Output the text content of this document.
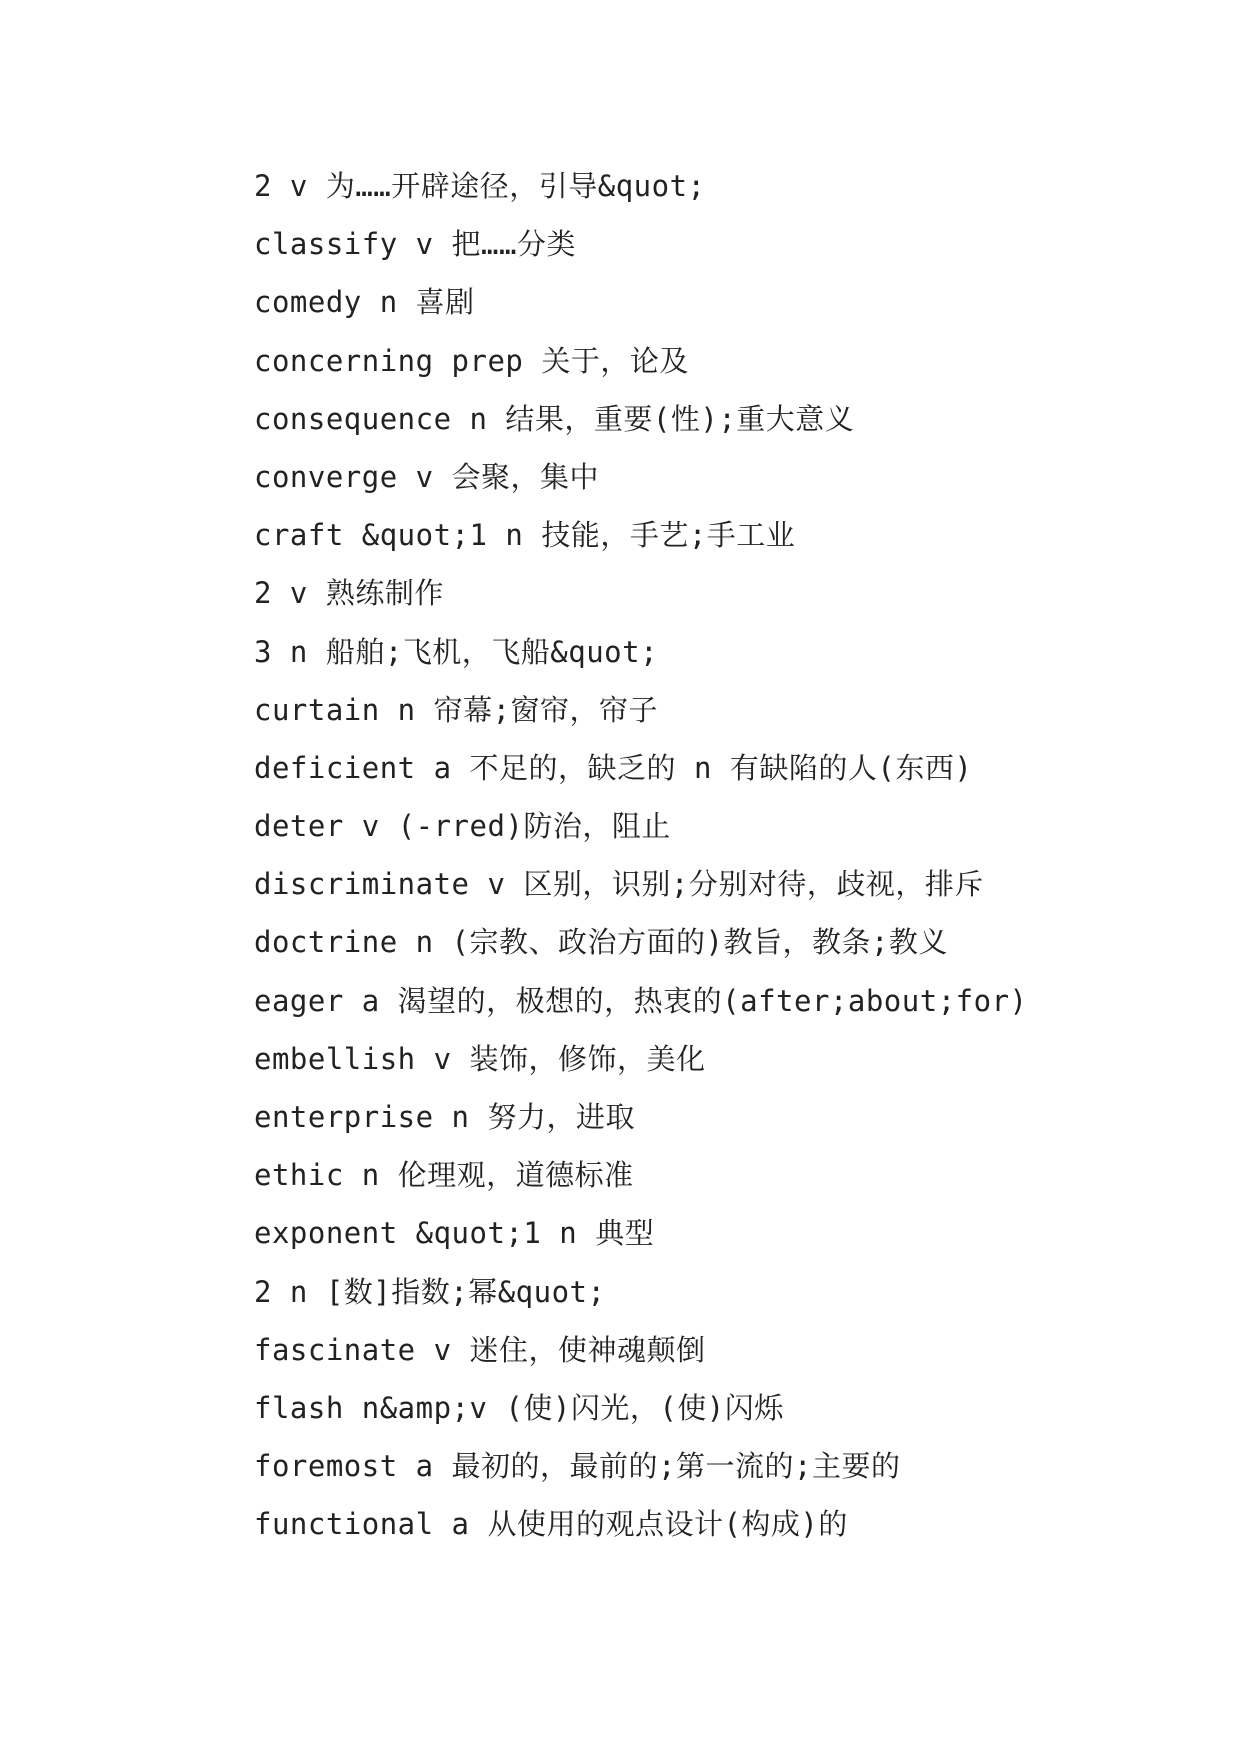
2 v 为……开辟途径，引导&quot;
classify v 把……分类
comedy n 喜剧
concerning prep 关于，论及
consequence n 结果，重要(性);重大意义
converge v 会聚，集中
craft &quot;1 n 技能，手艺;手工业
2 v 熟练制作
3 n 船舶;飞机，飞船&quot;
curtain n 帘幕;窗帘，帘子
deficient a 不足的，缺乏的 n 有缺陷的人(东西)
deter v (-rred)防治，阻止
discriminate v 区别，识别;分别对待，歧视，排斥
doctrine n (宗教、政治方面的)教旨，教条;教义
eager a 渴望的，极想的，热衷的(after;about;for)
embellish v 装饰，修饰，美化
enterprise n 努力，进取
ethic n 伦理观，道德标准
exponent &quot;1 n 典型
2 n [数]指数;幂&quot;
fascinate v 迷住，使神魂颠倒
flash n&amp;v (使)闪光，(使)闪烁
foremost a 最初的，最前的;第一流的;主要的
functional a 从使用的观点设计(构成)的
